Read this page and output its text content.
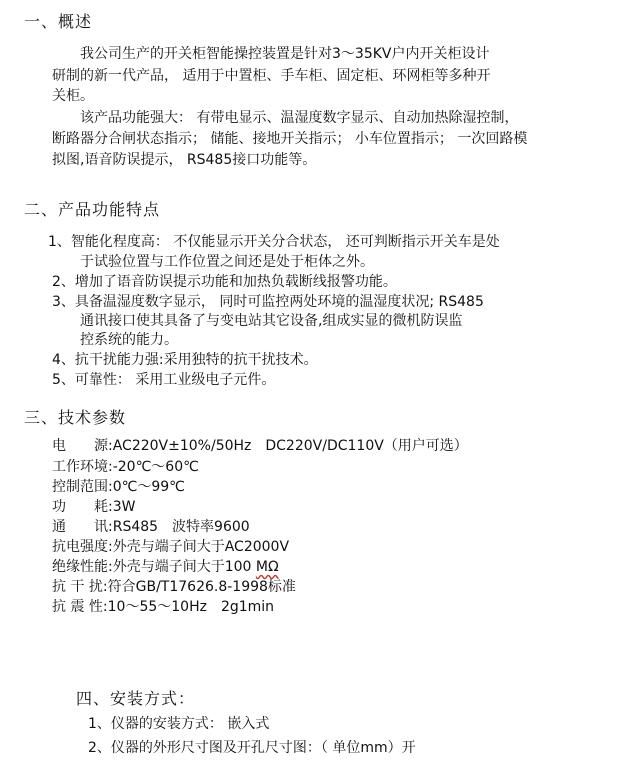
一、概述
我公司生产的开关柜智能操控装置是针对3～35KV户内开关柜设计
研制的新一代产品， 适用于中置柜、手车柜、固定柜、环网柜等多种开
关柜。
该产品功能强大： 有带电显示、温湿度数字显示、自动加热除湿控制，
断路器分合闸状态指示； 储能、接地开关指示； 小车位置指示； 一次回路模
拟图,语音防误提示， RS485接口功能等。
二、产品功能特点
1、智能化程度高： 不仅能显示开关分合状态， 还可判断指示开关车是处
于试验位置与工作位置之间还是处于柜体之外。
2、增加了语音防误提示功能和加热负载断线报警功能。
3、具备温湿度数字显示， 同时可监控两处环境的温湿度状况; RS485
通讯接口使其具备了与变电站其它设备,组成实显的微机防误监
控系统的能力。
4、抗干扰能力强:采用独特的抗干扰技术。
5、可靠性： 采用工业级电子元件。
三、技术参数
电　　源:AC220V±10%/50Hz　DC220V/DC110V（用户可选）
工作环境:-20℃～60℃
控制范围:0℃～99℃
功　　耗:3W
通　　讯:RS485　波特率9600
抗电强度:外壳与端子间大于AC2000V
绝缘性能:外壳与端子间大于100 MΩ
抗 干 扰:符合GB/T17626.8-1998标准
抗 震 性:10～55～10Hz　2g1min
四、安装方式：
1、仪器的安装方式： 嵌入式
2、仪器的外形尺寸图及开孔尺寸图：（ 单位mm）开
